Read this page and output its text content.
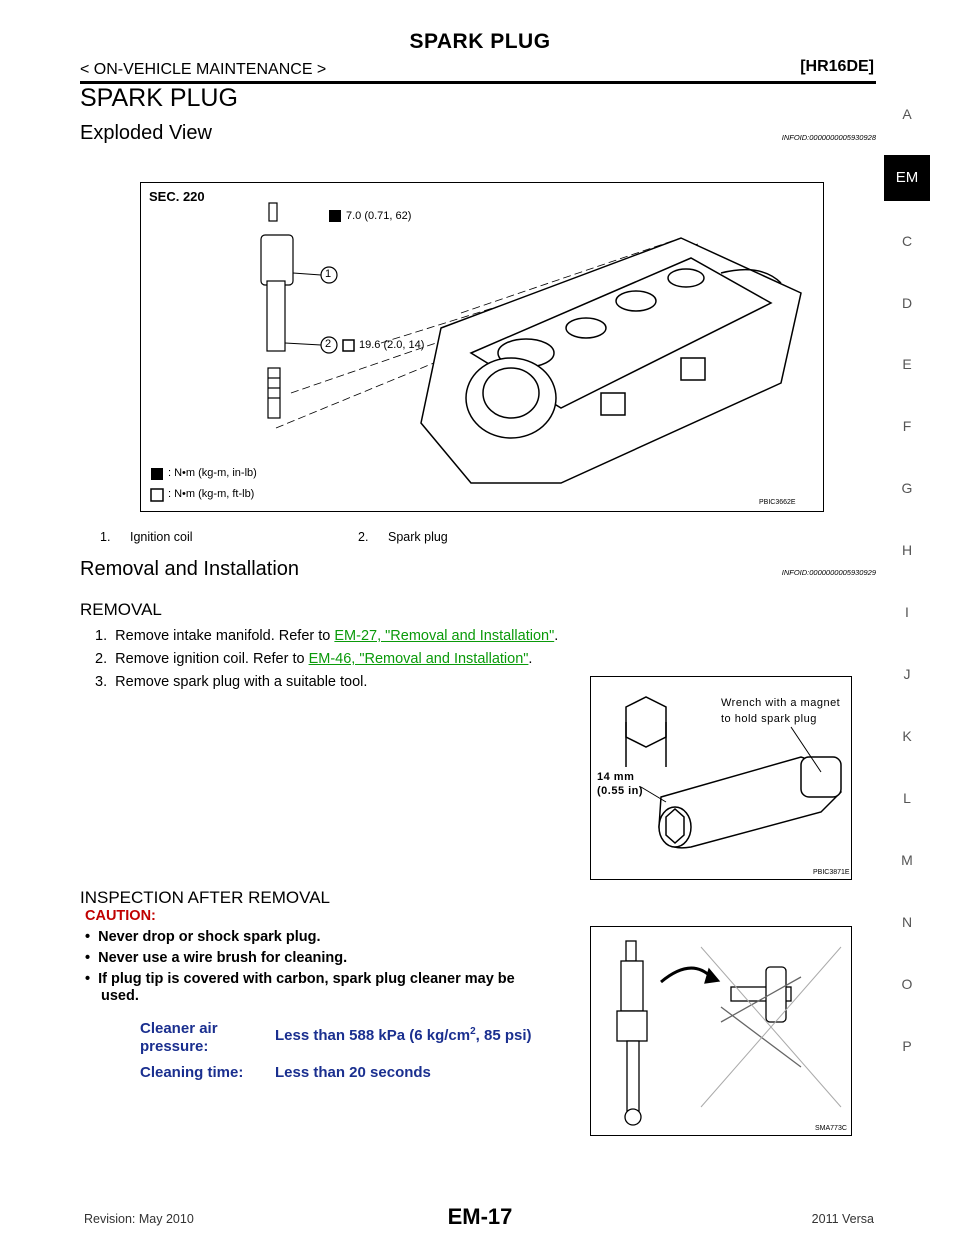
SPARK PLUG
< ON-VEHICLE MAINTENANCE >	[HR16DE]
SPARK PLUG
A
EM
C
D
E
F
G
H
I
J
K
L
M
N
O
P
Exploded View	INFOID:0000000005930928
SEC. 220
7.0 (0.71, 62)
19.6 (2.0, 14)
1
2
: N•m (kg-m, in-lb)
: N•m (kg-m, ft-lb)
PBIC3662E
1. Ignition coil	2. Spark plug
Removal and Installation	INFOID:0000000005930929
REMOVAL
1. Remove intake manifold. Refer to EM-27, "Removal and Installation".
2. Remove ignition coil. Refer to EM-46, "Removal and Installation".
3. Remove spark plug with a suitable tool.
Wrench with a magnet
to hold spark plug
14 mm
(0.55 in)
PBIC3871E
INSPECTION AFTER REMOVAL
CAUTION:
•  Never drop or shock spark plug.
•  Never use a wire brush for cleaning.
•  If plug tip is covered with carbon, spark plug cleaner may be
used.
Cleaner air
pressure:
Less than 588 kPa (6 $kg/cm^2$, 85 psi)
Cleaning time: Less than 20 seconds
SMA773C
Revision: May 2010	EM-17	2011 Versa
